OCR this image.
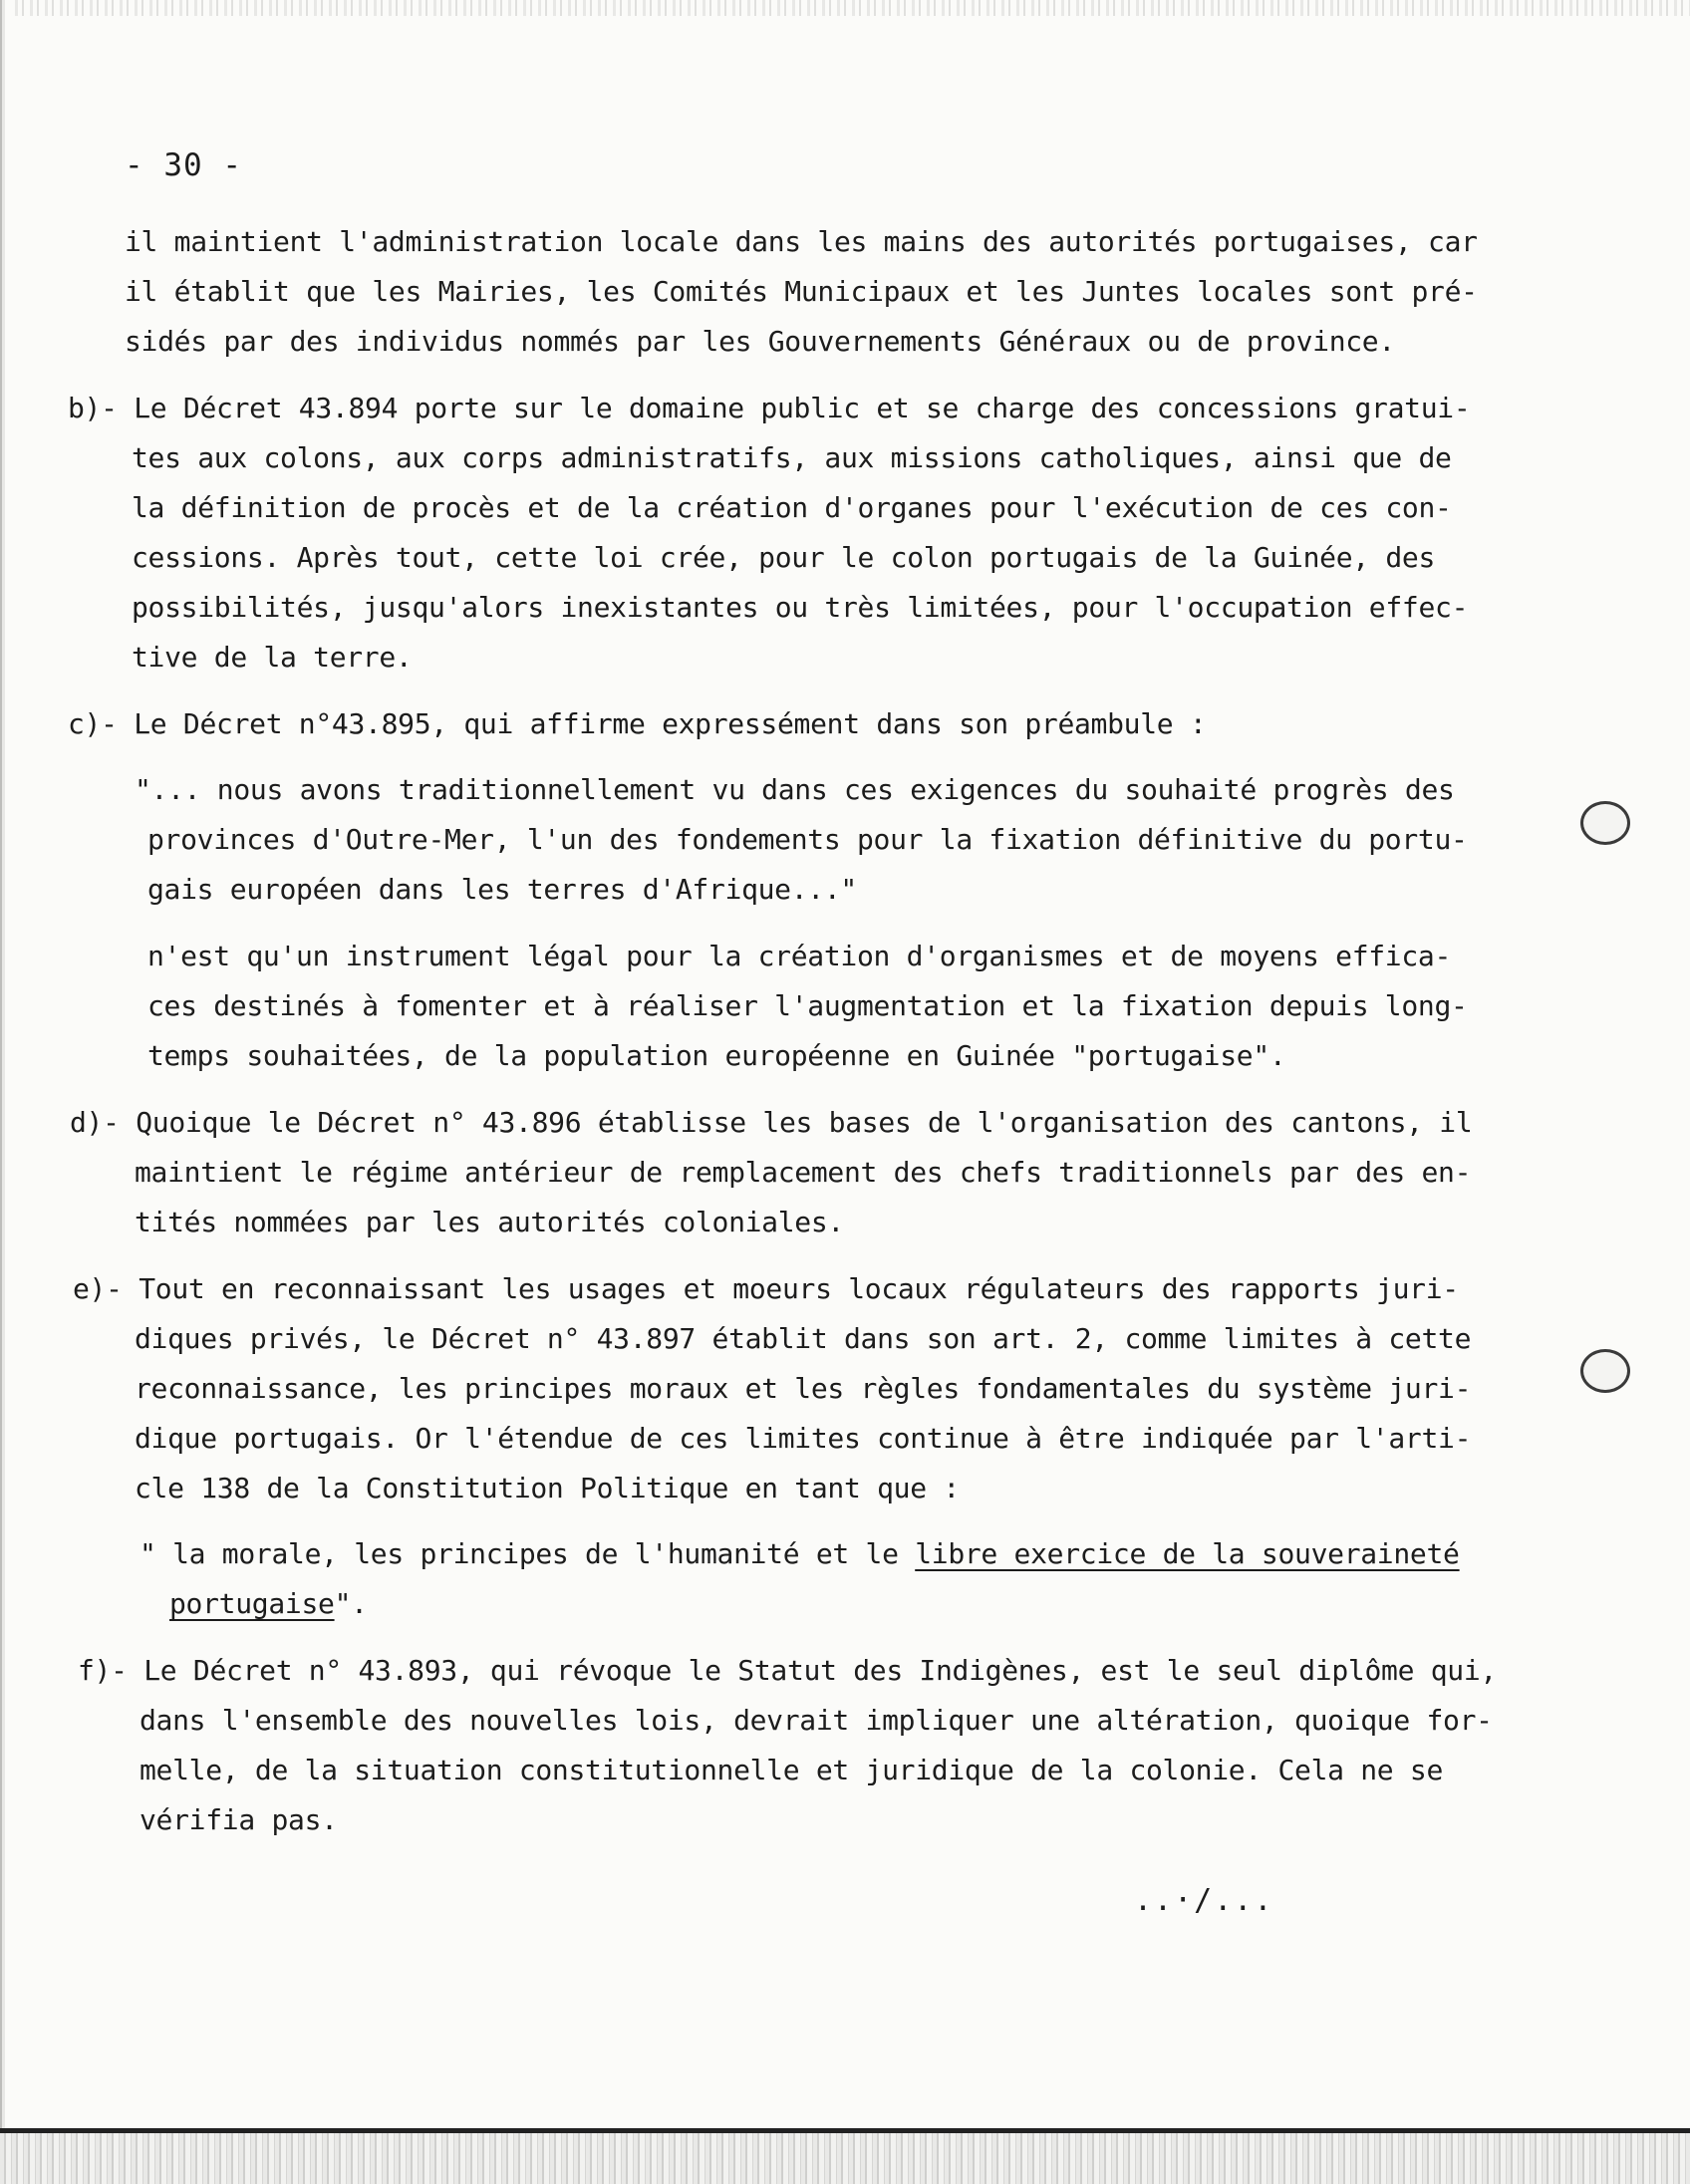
- 30 -
il maintient l'administration locale dans les mains des autorités portugaises, car
il établit que les Mairies, les Comités Municipaux et les Juntes locales sont pré-
sidés par des individus nommés par les Gouvernements Généraux ou de province.
b)- Le Décret 43.894 porte sur le domaine public et se charge des concessions gratui-
tes aux colons, aux corps administratifs, aux missions catholiques, ainsi que de
la définition de procès et de la création d'organes pour l'exécution de ces con-
cessions. Après tout, cette loi crée, pour le colon portugais de la Guinée, des
possibilités, jusqu'alors inexistantes ou très limitées, pour l'occupation effec-
tive de la terre.
c)- Le Décret n°43.895, qui affirme expressément dans son préambule :
"... nous avons traditionnellement vu dans ces exigences du souhaité progrès des
provinces d'Outre-Mer, l'un des fondements pour la fixation définitive du portu-
gais européen dans les terres d'Afrique..."
n'est qu'un instrument légal pour la création d'organismes et de moyens effica-
ces destinés à fomenter et à réaliser l'augmentation et la fixation depuis long-
temps souhaitées, de la population européenne en Guinée "portugaise".
d)- Quoique le Décret n° 43.896 établisse les bases de l'organisation des cantons, il
maintient le régime antérieur de remplacement des chefs traditionnels par des en-
tités nommées par les autorités coloniales.
e)- Tout en reconnaissant les usages et moeurs locaux régulateurs des rapports juri-
diques privés, le Décret n° 43.897 établit dans son art. 2, comme limites à cette
reconnaissance, les principes moraux et les règles fondamentales du système juri-
dique portugais. Or l'étendue de ces limites continue à être indiquée par l'arti-
cle 138 de la Constitution Politique en tant que :
" la morale, les principes de l'humanité et le libre exercice de la souveraineté
portugaise".
f)- Le Décret n° 43.893, qui révoque le Statut des Indigènes, est le seul diplôme qui,
dans l'ensemble des nouvelles lois, devrait impliquer une altération, quoique for-
melle, de la situation constitutionnelle et juridique de la colonie. Cela ne se
vérifia pas.
..·/...
